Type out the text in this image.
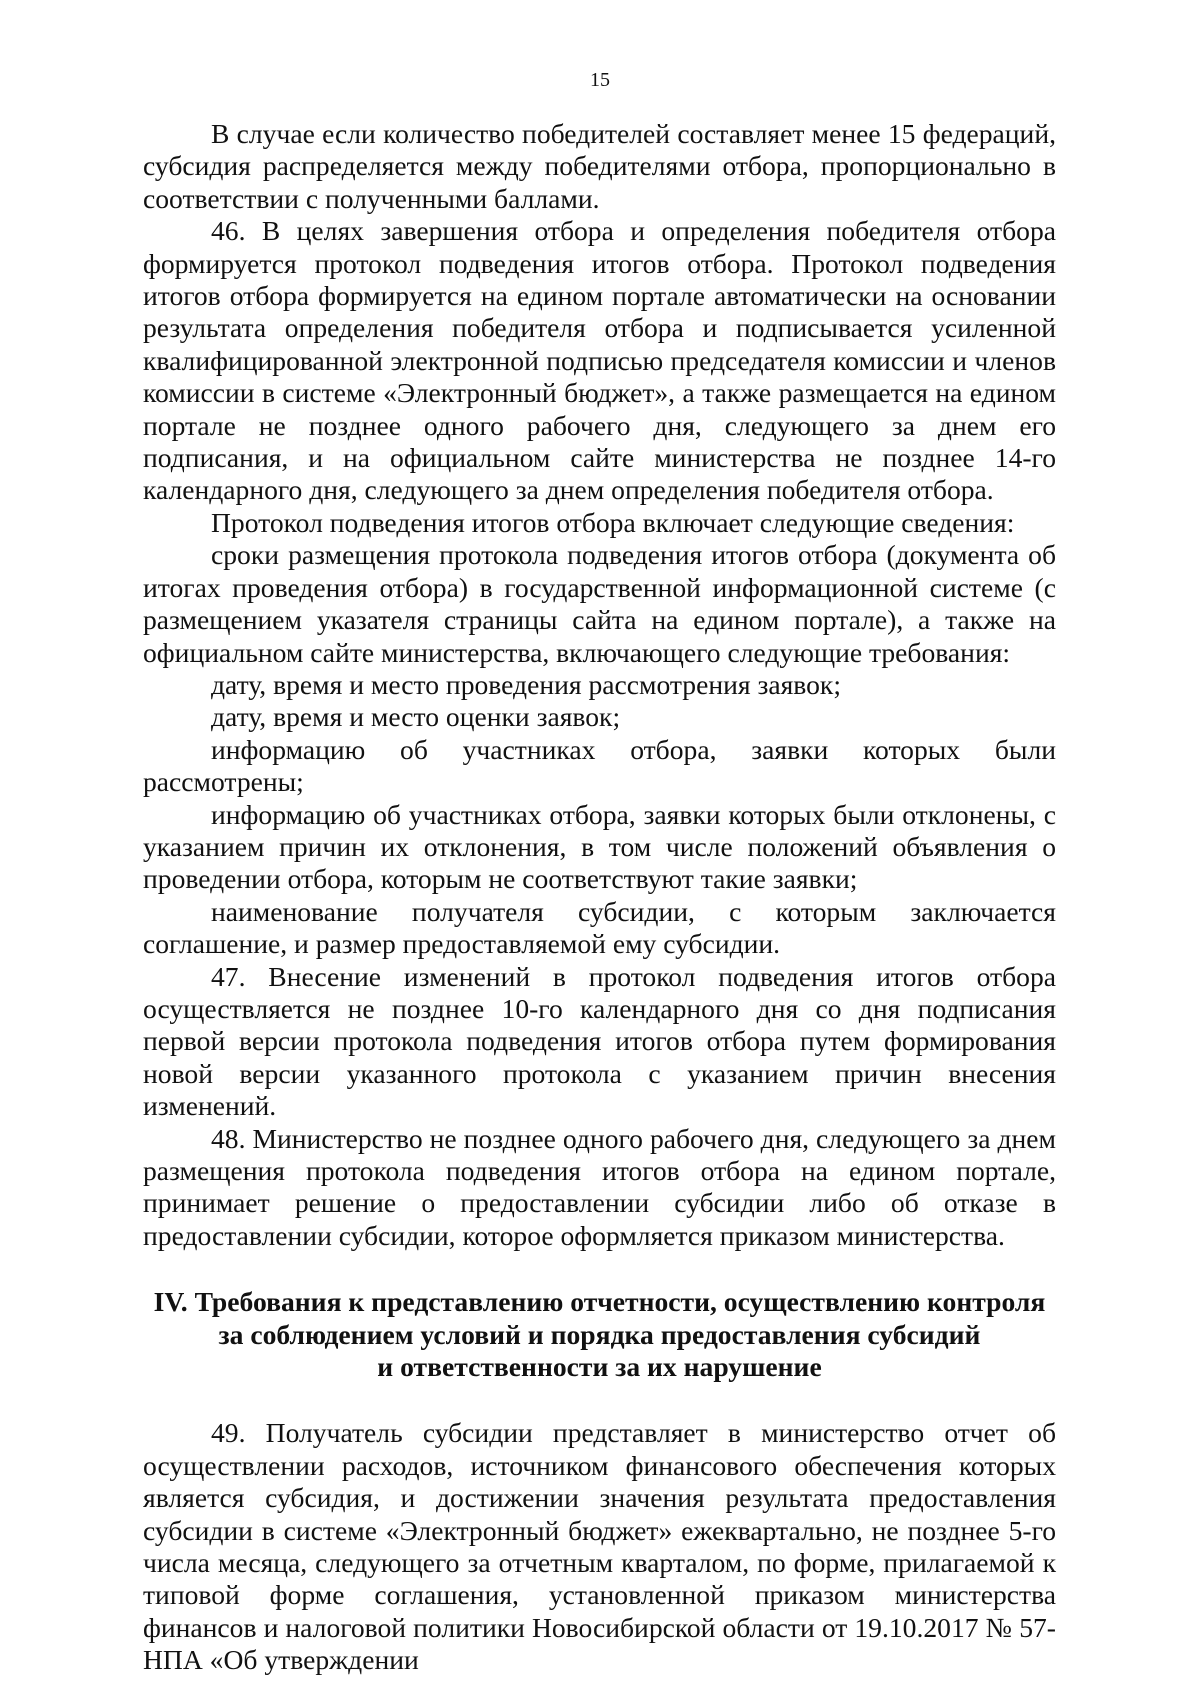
15

В случае если количество победителей составляет менее 15 федераций, субсидия распределяется между победителями отбора, пропорционально в соответствии с полученными баллами.

46. В целях завершения отбора и определения победителя отбора формируется протокол подведения итогов отбора. Протокол подведения итогов отбора формируется на едином портале автоматически на основании результата определения победителя отбора и подписывается усиленной квалифицированной электронной подписью председателя комиссии и членов комиссии в системе «Электронный бюджет», а также размещается на едином портале не позднее одного рабочего дня, следующего за днем его подписания, и на официальном сайте министерства не позднее 14-го календарного дня, следующего за днем определения победителя отбора.

Протокол подведения итогов отбора включает следующие сведения:

сроки размещения протокола подведения итогов отбора (документа об итогах проведения отбора) в государственной информационной системе (с размещением указателя страницы сайта на едином портале), а также на официальном сайте министерства, включающего следующие требования:

дату, время и место проведения рассмотрения заявок;

дату, время и место оценки заявок;

информацию об участниках отбора, заявки которых были рассмотрены;

информацию об участниках отбора, заявки которых были отклонены, с указанием причин их отклонения, в том числе положений объявления о проведении отбора, которым не соответствуют такие заявки;

наименование получателя субсидии, с которым заключается соглашение, и размер предоставляемой ему субсидии.

47. Внесение изменений в протокол подведения итогов отбора осуществляется не позднее 10-го календарного дня со дня подписания первой версии протокола подведения итогов отбора путем формирования новой версии указанного протокола с указанием причин внесения изменений.

48. Министерство не позднее одного рабочего дня, следующего за днем размещения протокола подведения итогов отбора на едином портале, принимает решение о предоставлении субсидии либо об отказе в предоставлении субсидии, которое оформляется приказом министерства.

IV. Требования к представлению отчетности, осуществлению контроля
за соблюдением условий и порядка предоставления субсидий
и ответственности за их нарушение

49. Получатель субсидии представляет в министерство отчет об осуществлении расходов, источником финансового обеспечения которых является субсидия, и достижении значения результата предоставления субсидии в системе «Электронный бюджет» ежеквартально, не позднее 5-го числа месяца, следующего за отчетным кварталом, по форме, прилагаемой к типовой форме соглашения, установленной приказом министерства финансов и налоговой политики Новосибирской области от 19.10.2017 № 57-НПА «Об утверждении
